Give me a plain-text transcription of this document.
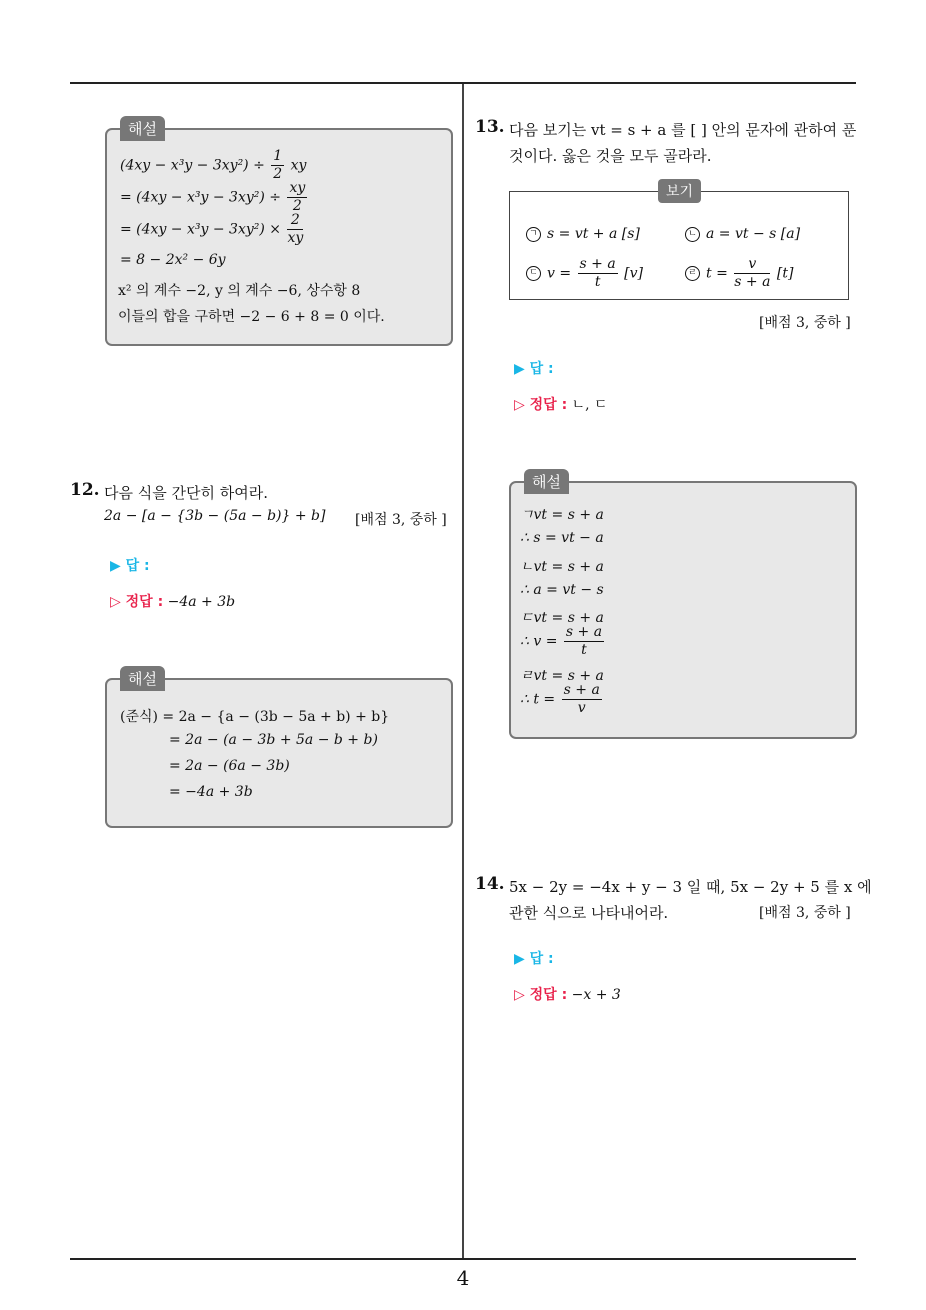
해설
$(4xy - x^3y - 3xy^2) \div \frac{1}{2}$ xy
= $(4xy - x^3y - 3xy^2) \div \frac{xy}{2}$
= $(4xy - x^3y - 3xy^2) \times \frac{2}{xy}$
= 8 − 2x² − 6y
x² 의 계수 −2, y 의 계수 −6, 상수항 8
이들의 합을 구하면 −2 − 6 + 8 = 0 이다.
12. 다음 식을 간단히 하여라.
2a − [a − {3b − (5a − b)} + b] [배점 3, 중하 ]
▶ 답 :
▷ 정답 : −4a + 3b
해설
(준식) = 2a − {a − (3b − 5a + b) + b}
= 2a − (a − 3b + 5a − b + b)
= 2a − (6a − 3b)
= −4a + 3b
13. 다음 보기는 vt = s + a 를 [ ] 안의 문자에 관하여 푼
것이다. 옳은 것을 모두 골라라.
보기
ㄱ s = vt + a [s]	ㄴ a = vt − s [a]
ㄷ $v = \frac{s + a}{t} [v]$	ㄹ $t = \frac{v}{s + a} [t]$
[배점 3, 중하 ]
▶ 답 :
▷ 정답 : ㄴ, ㄷ
해설
ㄱvt = s + a
∴ s = vt − a
ㄴvt = s + a
∴ a = vt − s
ㄷvt = s + a
∴ $v = \frac{s + a}{t}$
ㄹvt = s + a
∴ $t = \frac{s + a}{v}$
14. 5x − 2y = −4x + y − 3 일 때, 5x − 2y + 5 를 x 에
관한 식으로 나타내어라.	[배점 3, 중하 ]
▶ 답 :
▷ 정답 : −x + 3
4
